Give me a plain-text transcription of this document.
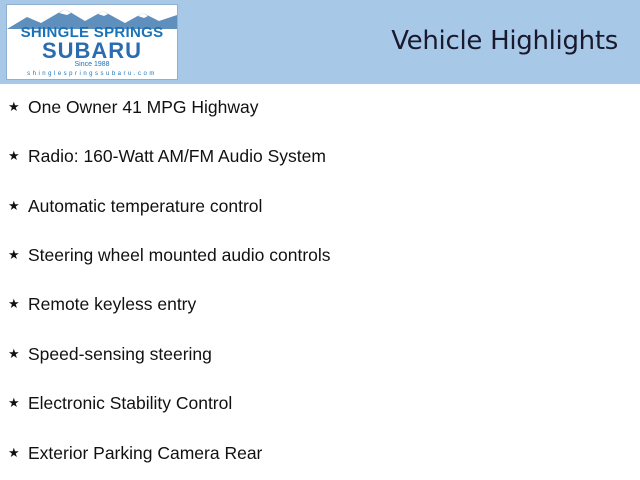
SHINGLE SPRINGS
SUBARU
Since 1988
shinglespringssubaru.com
Vehicle Highlights
★ One Owner 41 MPG Highway
★ Radio: 160-Watt AM/FM Audio System
★ Automatic temperature control
★ Steering wheel mounted audio controls
★ Remote keyless entry
★ Speed-sensing steering
★ Electronic Stability Control
★ Exterior Parking Camera Rear
